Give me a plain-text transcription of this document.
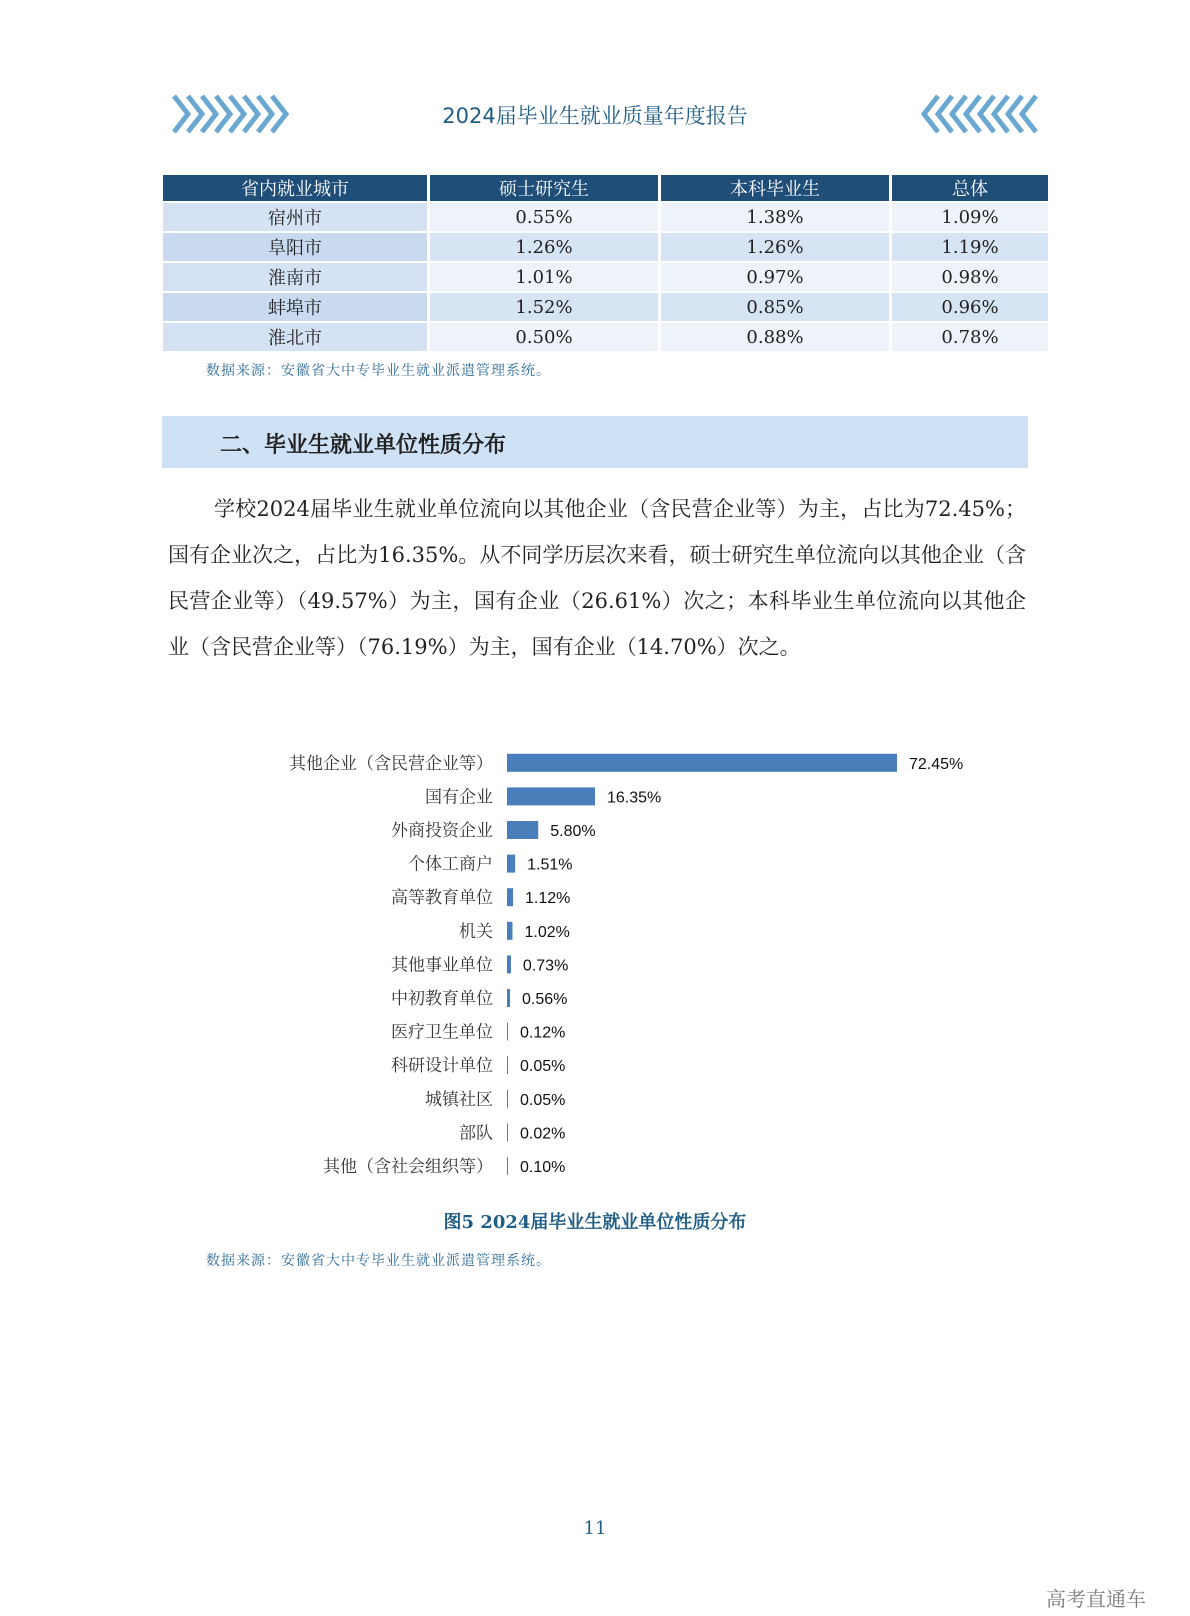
2024届毕业生就业质量年度报告
省内就业城市	硕士研究生	本科毕业生	总体
宿州市	0.55%	1.38%	1.09%
阜阳市	1.26%	1.26%	1.19%
淮南市	1.01%	0.97%	0.98%
蚌埠市	1.52%	0.85%	0.96%
淮北市	0.50%	0.88%	0.78%
数据来源：安徽省大中专毕业生就业派遣管理系统。
二、毕业生就业单位性质分布
学校2024届毕业生就业单位流向以其他企业（含民营企业等）为主，占比为72.45%；国有企业次之，占比为16.35%。从不同学历层次来看，硕士研究生单位流向以其他企业（含民营企业等）（49.57%）为主，国有企业（26.61%）次之；本科毕业生单位流向以其他企业（含民营企业等）（76.19%）为主，国有企业（14.70%）次之。
其他企业（含民营企业等）	72.45%
国有企业	16.35%
外商投资企业	5.80%
个体工商户 1.51%
高等教育单位 1.12%
机关 1.02%
其他事业单位 0.73%
中初教育单位 0.56%
医疗卫生单位 0.12%
科研设计单位 0.05%
城镇社区 0.05%
部队 0.02%
其他（含社会组织等） 0.10%
图5 2024届毕业生就业单位性质分布
数据来源：安徽省大中专毕业生就业派遣管理系统。
11
高考直通车
